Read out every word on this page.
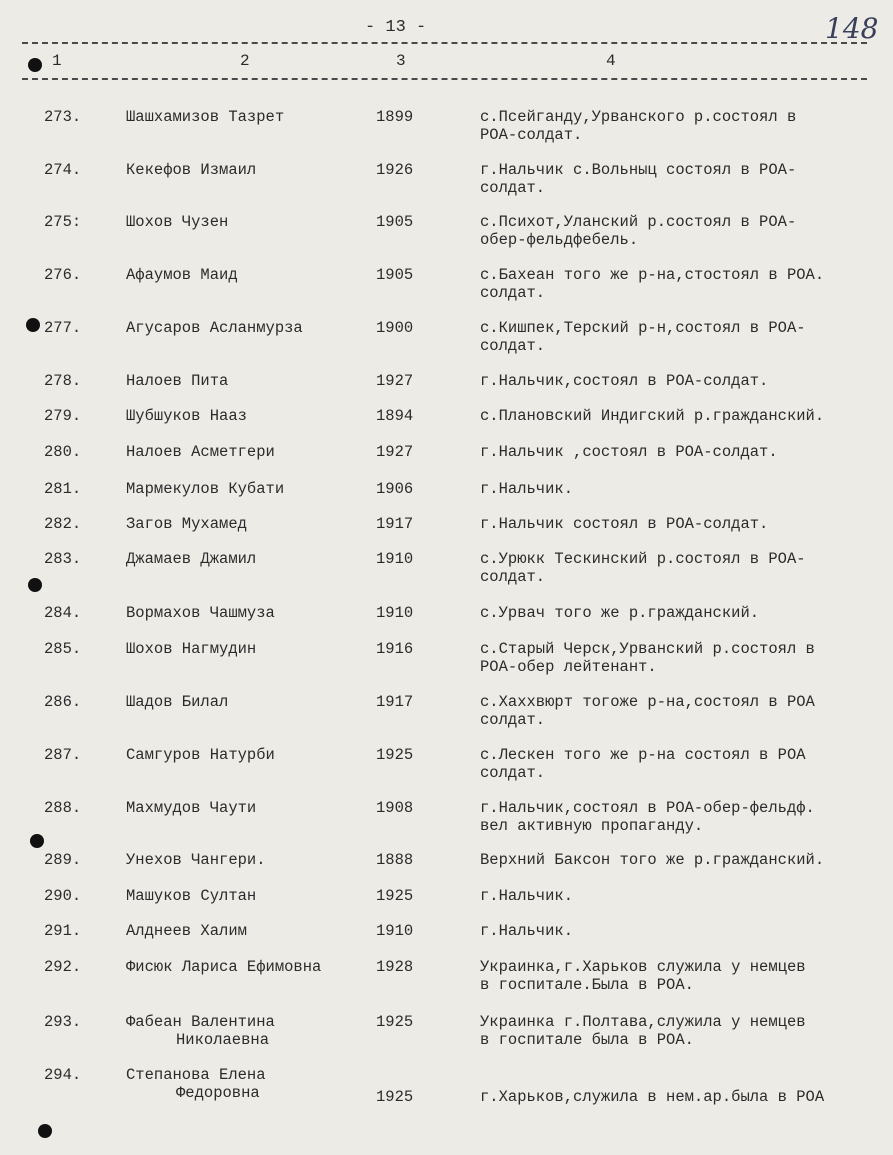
- 13 -	148
1	2	3	4
273.	Шашхамизов Тазрет	1899	с.Псейганду,Урванского р.состоял в
РОА-солдат.
274.	Кекефов Измаил	1926	г.Нальчик с.Вольныц состоял в РОА-
солдат.
275:	Шохов Чузен	1905	с.Психот,Уланский р.состоял в РОА-
обер-фельдфебель.
276.	Афаумов Маид	1905	с.Бахеан того же р-на,стостоял в РОА.
солдат.
277.	Агусаров Асланмурза	1900	с.Кишпек,Терский р-н,состоял в РОА-
солдат.
278.	Налоев Пита	1927	г.Нальчик,состоял в РОА-солдат.
279.	Шубшуков Нааз	1894	с.Плановский Индигский р.гражданский.
280.	Налоев Асметгери	1927	г.Нальчик ,состоял в РОА-солдат.
281.	Мармекулов Кубати	1906	г.Нальчик.
282.	Загов Мухамед	1917	г.Нальчик состоял в РОА-солдат.
283.	Джамаев Джамил	1910	с.Урюкк Тескинский р.состоял в РОА-
солдат.
284.	Вормахов Чашмуза	1910	с.Урвач того же р.гражданский.
285.	Шохов Нагмудин	1916	с.Старый Черск,Урванский р.состоял в
РОА-обер лейтенант.
286.	Шадов Билал	1917	с.Хаххвюрт тогоже р-на,состоял в РОА
солдат.
287.	Самгуров Натурби	1925	с.Лескен того же р-на состоял в РОА
солдат.
288.	Махмудов Чаути	1908	г.Нальчик,состоял в РОА-обер-фельдф.
вел активную пропаганду.
289.	Унехов Чангери.	1888	Верхний Баксон того же р.гражданский.
290.	Машуков Султан	1925	г.Нальчик.
291.	Алднеев Халим	1910	г.Нальчик.
292.	Фисюк Лариса Ефимовна	1928	Украинка,г.Харьков служила у немцев
в госпитале.Была в РОА.
293.	Фабеан Валентина
Николаевна
1925	Украинка г.Полтава,служила у немцев
в госпитале была в РОА.
294.	Степанова Елена
Федоровна	1925	г.Харьков,служила в нем.ар.была в РОА
